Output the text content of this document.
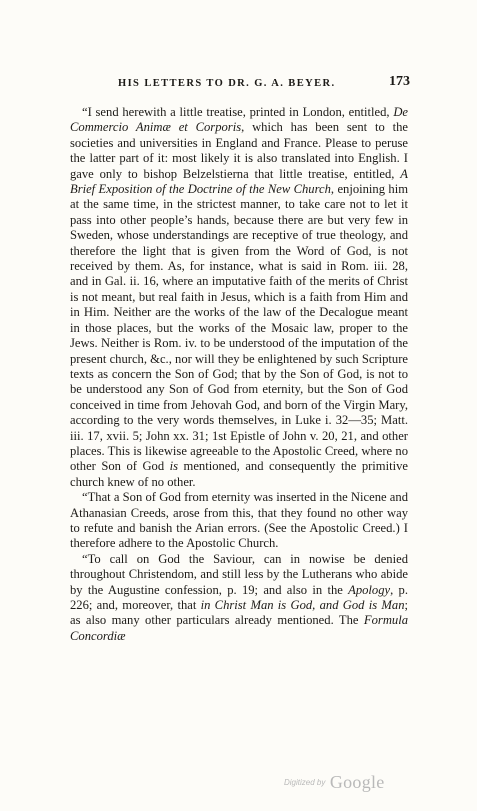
HIS LETTERS TO DR. G. A. BEYER.	173

“I send herewith a little treatise, printed in London, entitled, De Commercio Animæ et Corporis, which has been sent to the societies and universities in England and France. Please to peruse the latter part of it: most likely it is also translated into English. I gave only to bishop Belzelstierna that little treatise, entitled, A Brief Exposition of the Doctrine of the New Church, enjoining him at the same time, in the strictest manner, to take care not to let it pass into other people’s hands, because there are but very few in Sweden, whose understandings are receptive of true theology, and therefore the light that is given from the Word of God, is not received by them. As, for instance, what is said in Rom. iii. 28, and in Gal. ii. 16, where an imputative faith of the merits of Christ is not meant, but real faith in Jesus, which is a faith from Him and in Him. Neither are the works of the law of the Decalogue meant in those places, but the works of the Mosaic law, proper to the Jews. Neither is Rom. iv. to be understood of the imputation of the present church, &c., nor will they be enlightened by such Scripture texts as concern the Son of God; that by the Son of God, is not to be understood any Son of God from eternity, but the Son of God conceived in time from Jehovah God, and born of the Virgin Mary, according to the very words themselves, in Luke i. 32—35; Matt. iii. 17, xvii. 5; John xx. 31; 1st Epistle of John v. 20, 21, and other places. This is likewise agreeable to the Apostolic Creed, where no other Son of God is mentioned, and consequently the primitive church knew of no other.

“That a Son of God from eternity was inserted in the Nicene and Athanasian Creeds, arose from this, that they found no other way to refute and banish the Arian errors. (See the Apostolic Creed.) I therefore adhere to the Apostolic Church.

“To call on God the Saviour, can in nowise be denied throughout Christendom, and still less by the Lutherans who abide by the Augustine confession, p. 19; and also in the Apology, p. 226; and, moreover, that in Christ Man is God, and God is Man; as also many other particulars already mentioned. The Formula Concordiæ

Digitized by Google
